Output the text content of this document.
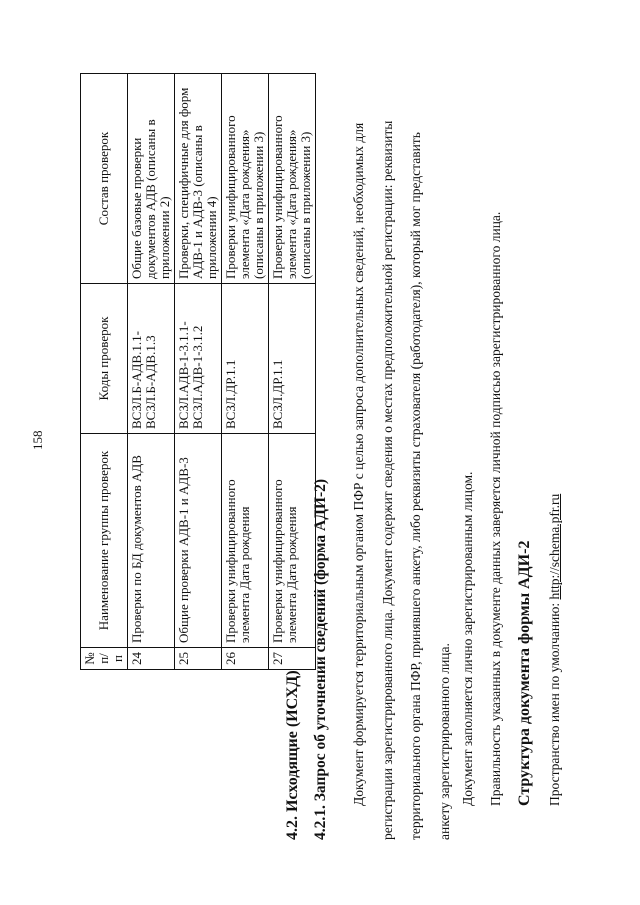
158
№ п/п	Наименование группы проверок	Коды проверок	Состав проверок
24	Проверки по БД документов АДВ	ВСЗЛ.Б-АДВ.1.1-ВСЗЛ.Б-АДВ.1.3	Общие базовые проверки документов АДВ (описаны в приложении 2)
25	Общие проверки АДВ-1 и АДВ-3	ВСЗЛ.АДВ-1-3.1.1-ВСЗЛ.АДВ-1-3.1.2	Проверки, специфичные для форм АДВ-1 и АДВ-3 (описаны в приложении 4)
26	Проверки унифицированного элемента Дата рождения	ВСЗЛ.ДР.1.1	Проверки унифицированного элемента «Дата рождения» (описаны в приложении 3)
27	Проверки унифицированного элемента Дата рождения	ВСЗЛ.ДР.1.1	Проверки унифицированного элемента «Дата рождения» (описаны в приложении 3)
4.2. Исходящие (ИСХД) 4.2.1. Запрос об уточнении сведений (форма АДИ-2)	Документ формируется территориальным органом ПФР с целью запроса дополнительных сведений, необходимых для	регистрации зарегистрированного лица. Документ содержит сведения о местах предположительной регистрации: реквизиты	территориального органа ПФР, принявшего анкету, либо реквизиты страхователя (работодателя), который мог представить	анкету зарегистрированного лица. Документ заполняется лично зарегистрированным лицом. Правильность указанных в документе данных заверяется личной подписью зарегистрированного лица. Структура документа формы АДИ-2 Пространство имен по умолчанию: http://schema.pfr.ru
